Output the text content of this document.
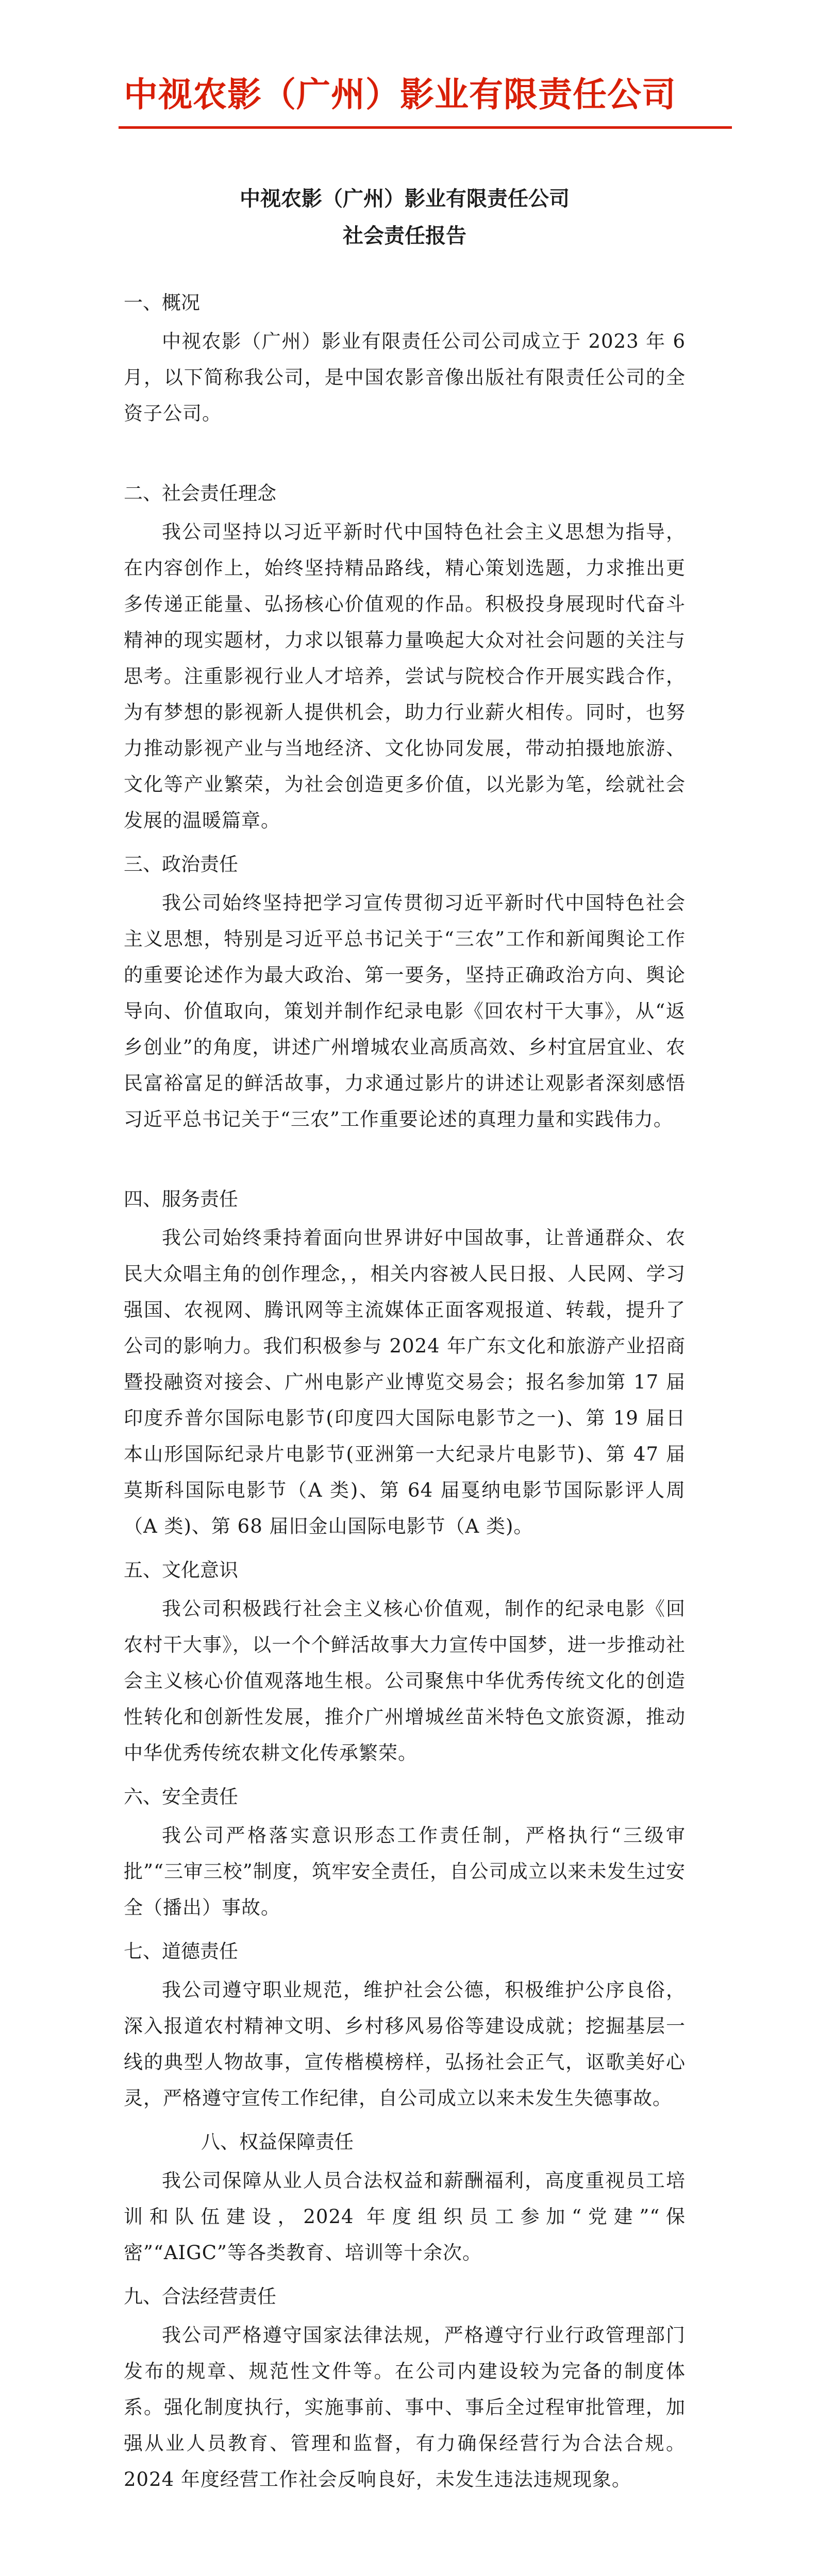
中视农影（广州）影业有限责任公司

中视农影（广州）影业有限责任公司

社会责任报告

一、概况

中视农影（广州）影业有限责任公司公司成立于 2023 年 6 月，以下简称我公司，是中国农影音像出版社有限责任公司的全资子公司。

二、社会责任理念

我公司坚持以习近平新时代中国特色社会主义思想为指导，在内容创作上，始终坚持精品路线，精心策划选题，力求推出更多传递正能量、弘扬核心价值观的作品。积极投身展现时代奋斗精神的现实题材，力求以银幕力量唤起大众对社会问题的关注与思考。注重影视行业人才培养，尝试与院校合作开展实践合作，为有梦想的影视新人提供机会，助力行业薪火相传。同时，也努力推动影视产业与当地经济、文化协同发展，带动拍摄地旅游、文化等产业繁荣，为社会创造更多价值，以光影为笔，绘就社会发展的温暖篇章。

三、政治责任

我公司始终坚持把学习宣传贯彻习近平新时代中国特色社会主义思想，特别是习近平总书记关于“三农”工作和新闻舆论工作的重要论述作为最大政治、第一要务，坚持正确政治方向、舆论导向、价值取向，策划并制作纪录电影《回农村干大事》，从“返乡创业”的角度，讲述广州增城农业高质高效、乡村宜居宜业、农民富裕富足的鲜活故事，力求通过影片的讲述让观影者深刻感悟习近平总书记关于“三农”工作重要论述的真理力量和实践伟力。

四、服务责任

我公司始终秉持着面向世界讲好中国故事，让普通群众、农民大众唱主角的创作理念，，相关内容被人民日报、人民网、学习强国、农视网、腾讯网等主流媒体正面客观报道、转载，提升了公司的影响力。我们积极参与 2024 年广东文化和旅游产业招商暨投融资对接会、广州电影产业博览交易会；报名参加第 17 届印度乔普尔国际电影节(印度四大国际电影节之一)、第 19 届日本山形国际纪录片电影节(亚洲第一大纪录片电影节)、第 47 届莫斯科国际电影节（A 类)、第 64 届戛纳电影节国际影评人周（A 类)、第 68 届旧金山国际电影节（A 类)。

五、文化意识

我公司积极践行社会主义核心价值观，制作的纪录电影《回农村干大事》，以一个个鲜活故事大力宣传中国梦，进一步推动社会主义核心价值观落地生根。公司聚焦中华优秀传统文化的创造性转化和创新性发展，推介广州增城丝苗米特色文旅资源，推动中华优秀传统农耕文化传承繁荣。

六、安全责任

我公司严格落实意识形态工作责任制，严格执行“三级审批”“三审三校”制度，筑牢安全责任，自公司成立以来未发生过安全（播出）事故。

七、道德责任

我公司遵守职业规范，维护社会公德，积极维护公序良俗，深入报道农村精神文明、乡村移风易俗等建设成就；挖掘基层一线的典型人物故事，宣传楷模榜样，弘扬社会正气，讴歌美好心灵，严格遵守宣传工作纪律，自公司成立以来未发生失德事故。

八、权益保障责任

我公司保障从业人员合法权益和薪酬福利，高度重视员工培训和队伍建设，2024 年度组织员工参加“党建”“保密”“AIGC”等各类教育、培训等十余次。

九、合法经营责任

我公司严格遵守国家法律法规，严格遵守行业行政管理部门发布的规章、规范性文件等。在公司内建设较为完备的制度体系。强化制度执行，实施事前、事中、事后全过程审批管理，加强从业人员教育、管理和监督，有力确保经营行为合法合规。2024 年度经营工作社会反响良好，未发生违法违规现象。
